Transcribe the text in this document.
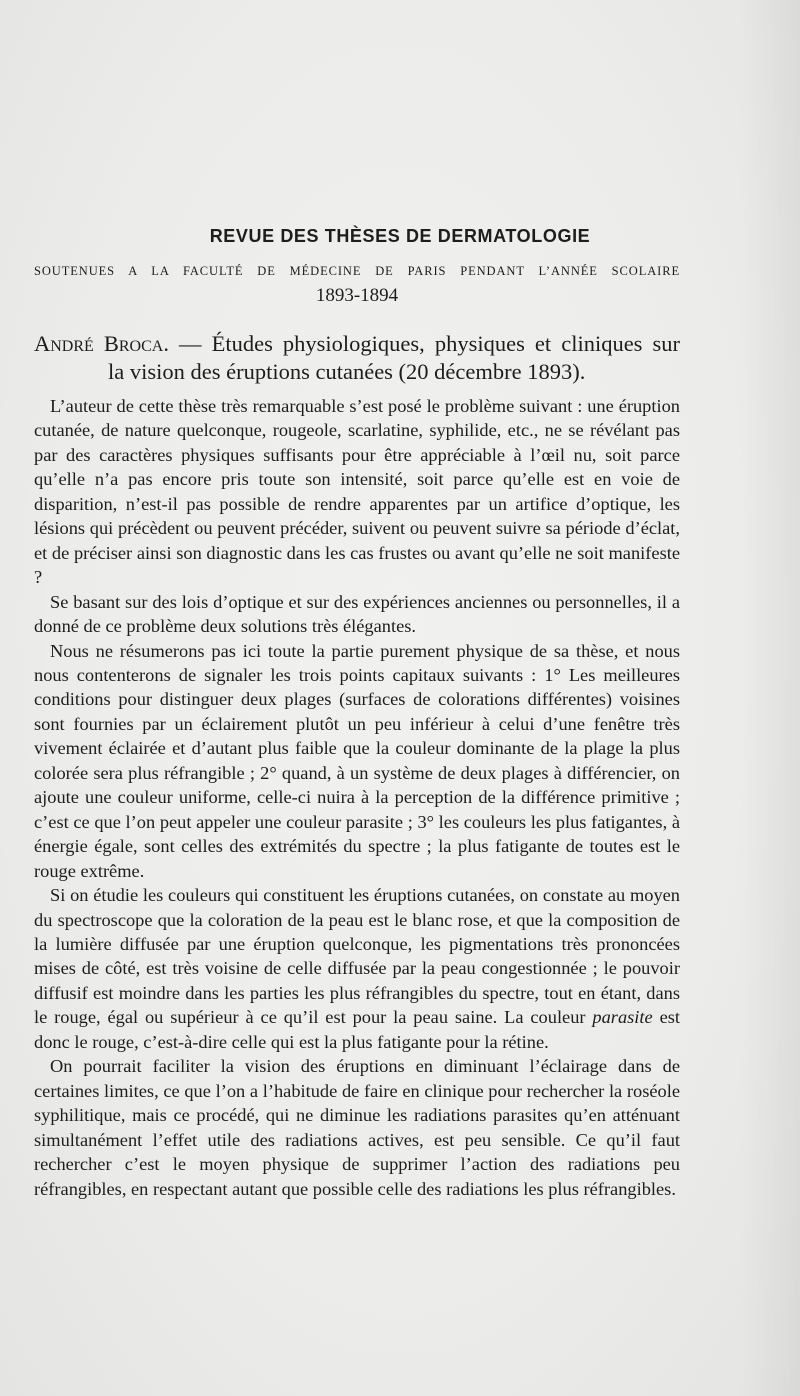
REVUE DES THÈSES DE DERMATOLOGIE

SOUTENUES A LA FACULTÉ DE MÉDECINE DE PARIS PENDANT L’ANNÉE SCOLAIRE

1893-1894

André Broca. — Études physiologiques, physiques et cliniques sur
la vision des éruptions cutanées (20 décembre 1893).

L’auteur de cette thèse très remarquable s’est posé le problème suivant : une éruption cutanée, de nature quelconque, rougeole, scarlatine, syphilide, etc., ne se révélant pas par des caractères physiques suffisants pour être appréciable à l’œil nu, soit parce qu’elle n’a pas encore pris toute son intensité, soit parce qu’elle est en voie de disparition, n’est-il pas possible de rendre apparentes par un artifice d’optique, les lésions qui précèdent ou peuvent précéder, suivent ou peuvent suivre sa période d’éclat, et de préciser ainsi son diagnostic dans les cas frustes ou avant qu’elle ne soit manifeste ?

Se basant sur des lois d’optique et sur des expériences anciennes ou personnelles, il a donné de ce problème deux solutions très élégantes.

Nous ne résumerons pas ici toute la partie purement physique de sa thèse, et nous nous contenterons de signaler les trois points capitaux suivants : 1° Les meilleures conditions pour distinguer deux plages (surfaces de colorations différentes) voisines sont fournies par un éclairement plutôt un peu inférieur à celui d’une fenêtre très vivement éclairée et d’autant plus faible que la couleur dominante de la plage la plus colorée sera plus réfrangible ; 2° quand, à un système de deux plages à différencier, on ajoute une couleur uniforme, celle-ci nuira à la perception de la différence primitive ; c’est ce que l’on peut appeler une couleur parasite ; 3° les couleurs les plus fatigantes, à énergie égale, sont celles des extrémités du spectre ; la plus fatigante de toutes est le rouge extrême.

Si on étudie les couleurs qui constituent les éruptions cutanées, on constate au moyen du spectroscope que la coloration de la peau est le blanc rose, et que la composition de la lumière diffusée par une éruption quelconque, les pigmentations très prononcées mises de côté, est très voisine de celle diffusée par la peau congestionnée ; le pouvoir diffusif est moindre dans les parties les plus réfrangibles du spectre, tout en étant, dans le rouge, égal ou supérieur à ce qu’il est pour la peau saine. La couleur parasite est donc le rouge, c’est-à-dire celle qui est la plus fatigante pour la rétine.

On pourrait faciliter la vision des éruptions en diminuant l’éclairage dans de certaines limites, ce que l’on a l’habitude de faire en clinique pour rechercher la roséole syphilitique, mais ce procédé, qui ne diminue les radiations parasites qu’en atténuant simultanément l’effet utile des radiations actives, est peu sensible. Ce qu’il faut rechercher c’est le moyen physique de supprimer l’action des radiations peu réfrangibles, en respectant autant que possible celle des radiations les plus réfrangibles.
